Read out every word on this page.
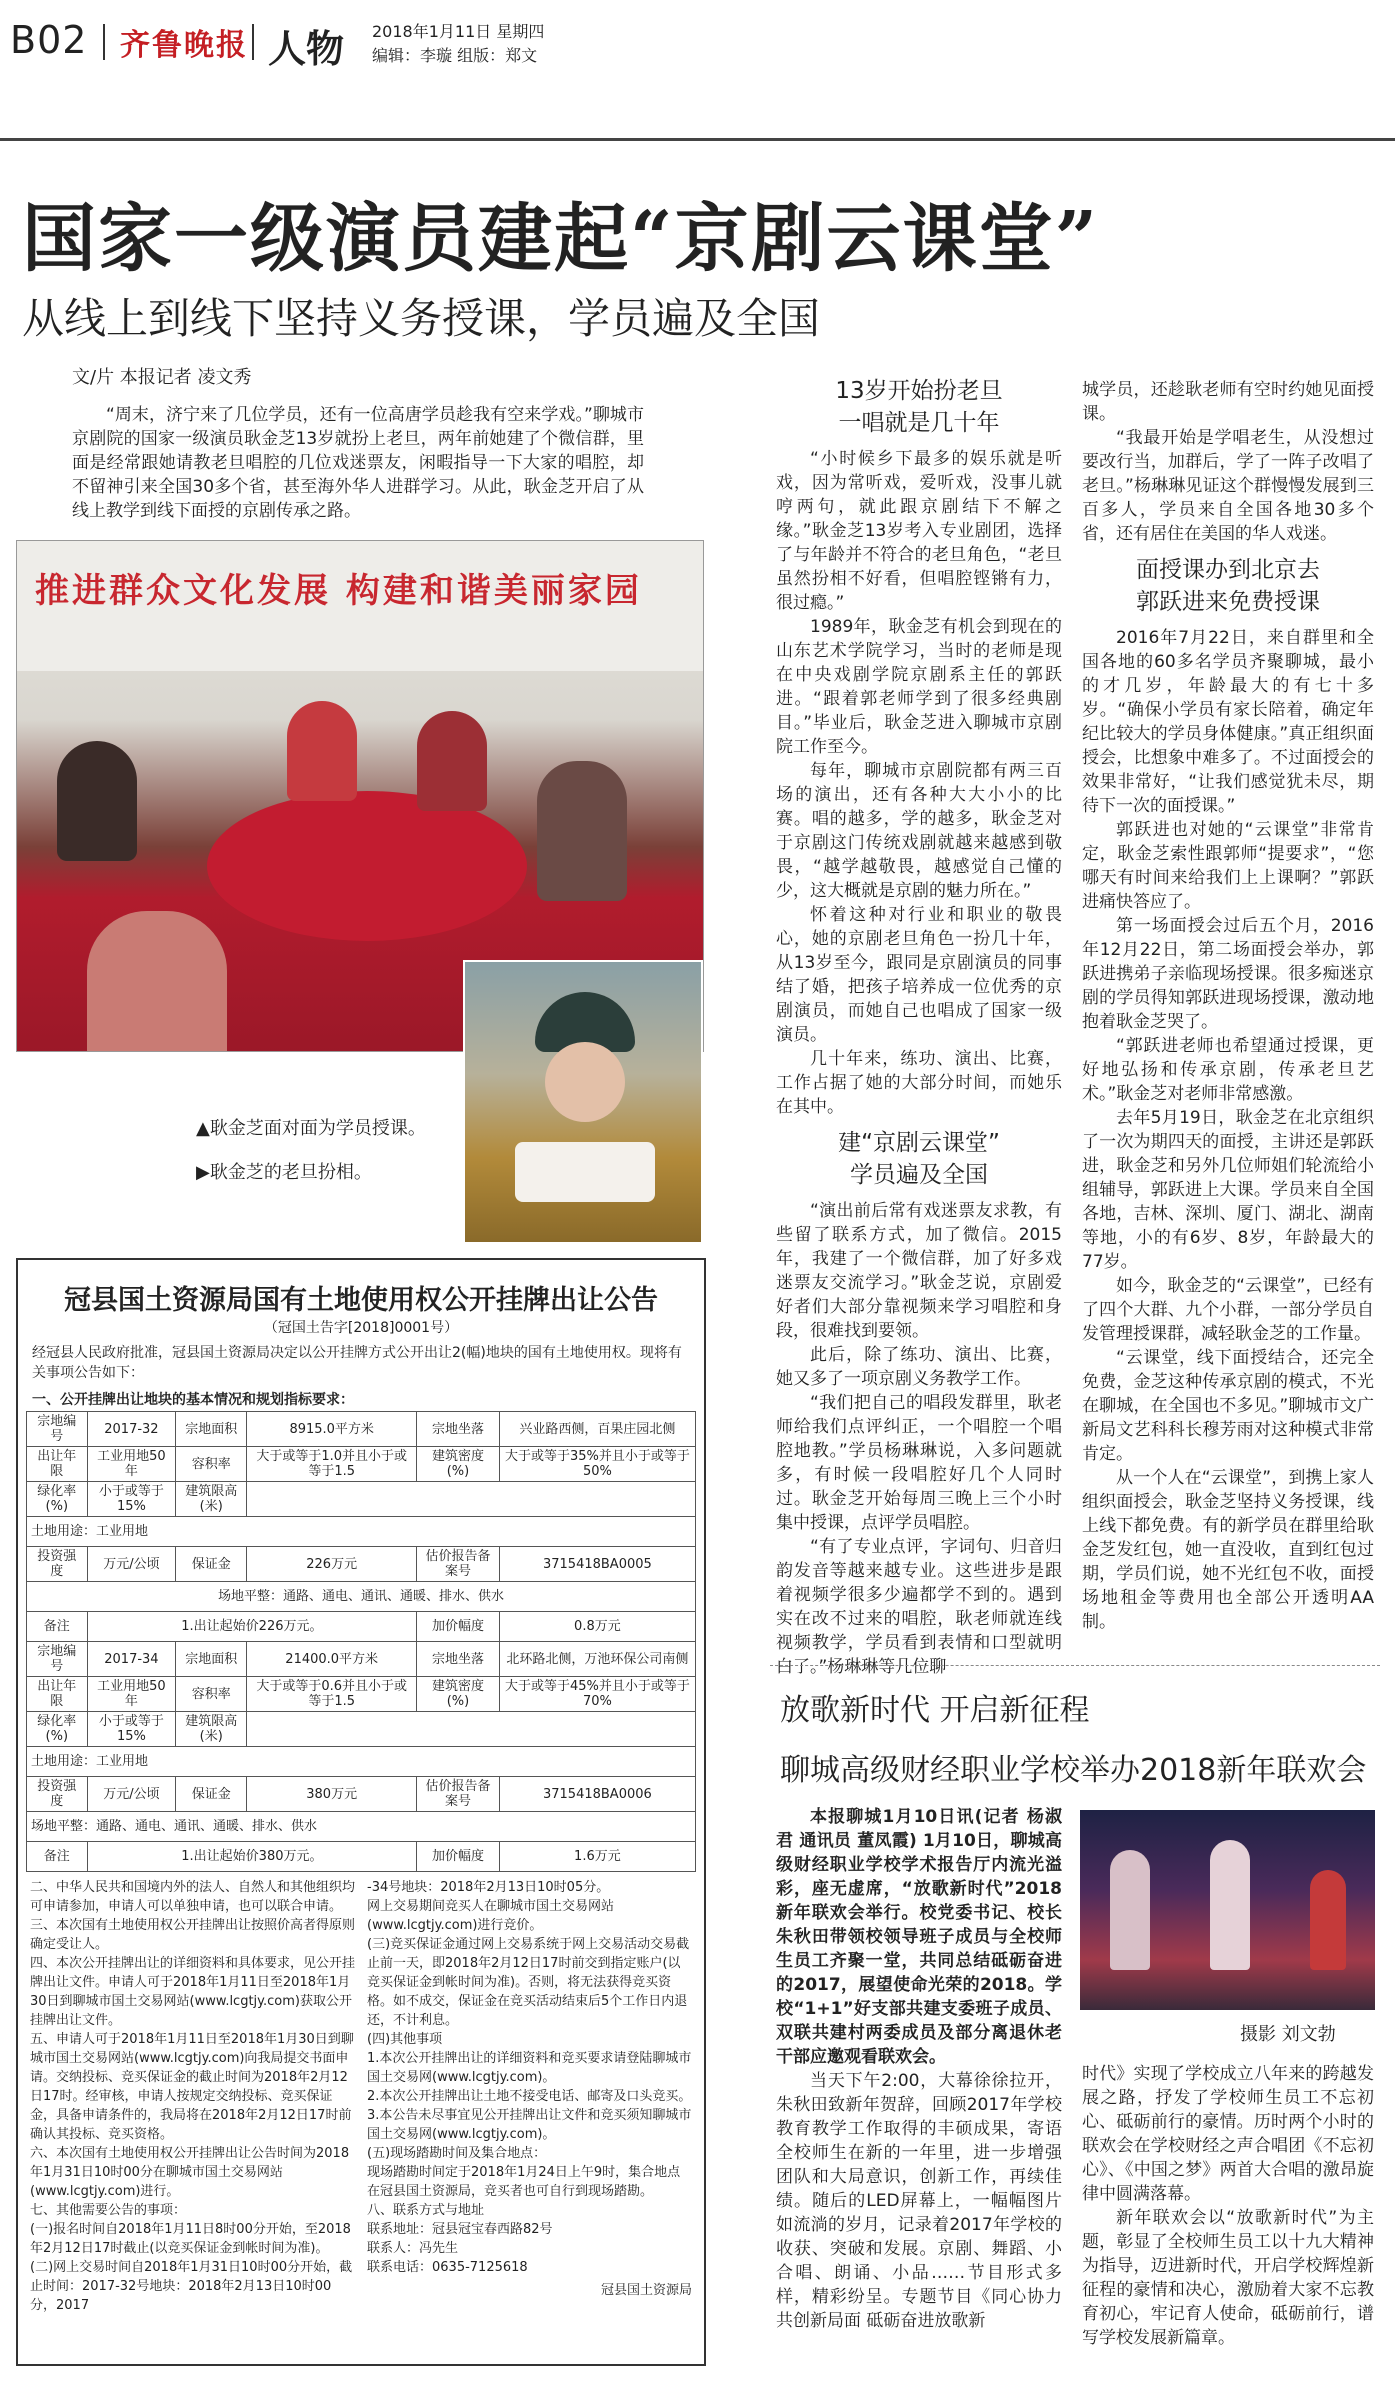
B02 齐鲁晚报 人物 2018年1月11日 星期四
编辑：李璇 组版：郑文
国家一级演员建起“京剧云课堂”
从线上到线下坚持义务授课，学员遍及全国
文/片 本报记者 凌文秀

“周末，济宁来了几位学员，还有一位高唐学员趁我有空来学戏。”聊城市京剧院的国家一级演员耿金芝13岁就扮上老旦，两年前她建了个微信群，里面是经常跟她请教老旦唱腔的几位戏迷票友，闲暇指导一下大家的唱腔，却不留神引来全国30多个省，甚至海外华人进群学习。从此，耿金芝开启了从线上教学到线下面授的京剧传承之路。

推进群众文化发展 构建和谐美丽家园
▲耿金芝面对面为学员授课。
▶耿金芝的老旦扮相。
13岁开始扮老旦
一唱就是几十年

“小时候乡下最多的娱乐就是听戏，因为常听戏，爱听戏，没事儿就哼两句，就此跟京剧结下不解之缘。”耿金芝13岁考入专业剧团，选择了与年龄并不符合的老旦角色，“老旦虽然扮相不好看，但唱腔铿锵有力，很过瘾。”

1989年，耿金芝有机会到现在的山东艺术学院学习，当时的老师是现在中央戏剧学院京剧系主任的郭跃进。“跟着郭老师学到了很多经典剧目。”毕业后，耿金芝进入聊城市京剧院工作至今。

每年，聊城市京剧院都有两三百场的演出，还有各种大大小小的比赛。唱的越多，学的越多，耿金芝对于京剧这门传统戏剧就越来越感到敬畏，“越学越敬畏，越感觉自己懂的少，这大概就是京剧的魅力所在。”

怀着这种对行业和职业的敬畏心，她的京剧老旦角色一扮几十年，从13岁至今，跟同是京剧演员的同事结了婚，把孩子培养成一位优秀的京剧演员，而她自己也唱成了国家一级演员。

几十年来，练功、演出、比赛，工作占据了她的大部分时间，而她乐在其中。

建“京剧云课堂”
学员遍及全国

“演出前后常有戏迷票友求教，有些留了联系方式，加了微信。2015年，我建了一个微信群，加了好多戏迷票友交流学习。”耿金芝说，京剧爱好者们大部分靠视频来学习唱腔和身段，很难找到要领。

此后，除了练功、演出、比赛，她又多了一项京剧义务教学工作。

“我们把自己的唱段发群里，耿老师给我们点评纠正，一个唱腔一个唱腔地教。”学员杨琳琳说，入多问题就多，有时候一段唱腔好几个人同时过。耿金芝开始每周三晚上三个小时集中授课，点评学员唱腔。

“有了专业点评，字词句、归音归韵发音等越来越专业。这些进步是跟着视频学很多少遍都学不到的。遇到实在改不过来的唱腔，耿老师就连线视频教学，学员看到表情和口型就明白了。”杨琳琳等几位聊

城学员，还趁耿老师有空时约她见面授课。

“我最开始是学唱老生，从没想过要改行当，加群后，学了一阵子改唱了老旦。”杨琳琳见证这个群慢慢发展到三百多人，学员来自全国各地30多个省，还有居住在美国的华人戏迷。

面授课办到北京去
郭跃进来免费授课

2016年7月22日，来自群里和全国各地的60多名学员齐聚聊城，最小的才几岁，年龄最大的有七十多岁。“确保小学员有家长陪着，确定年纪比较大的学员身体健康。”真正组织面授会，比想象中难多了。不过面授会的效果非常好，“让我们感觉犹未尽，期待下一次的面授课。”

郭跃进也对她的“云课堂”非常肯定，耿金芝索性跟郭师“提要求”，“您哪天有时间来给我们上上课啊？”郭跃进痛快答应了。

第一场面授会过后五个月，2016年12月22日，第二场面授会举办，郭跃进携弟子亲临现场授课。很多痴迷京剧的学员得知郭跃进现场授课，激动地抱着耿金芝哭了。

“郭跃进老师也希望通过授课，更好地弘扬和传承京剧，传承老旦艺术。”耿金芝对老师非常感激。

去年5月19日，耿金芝在北京组织了一次为期四天的面授，主讲还是郭跃进，耿金芝和另外几位师姐们轮流给小组辅导，郭跃进上大课。学员来自全国各地，吉林、深圳、厦门、湖北、湖南等地，小的有6岁、8岁，年龄最大的77岁。

如今，耿金芝的“云课堂”，已经有了四个大群、九个小群，一部分学员自发管理授课群，减轻耿金芝的工作量。

“云课堂，线下面授结合，还完全免费，金芝这种传承京剧的模式，不光在聊城，在全国也不多见。”聊城市文广新局文艺科科长穆芳雨对这种模式非常肯定。

从一个人在“云课堂”，到携上家人组织面授会，耿金芝坚持义务授课，线上线下都免费。有的新学员在群里给耿金芝发红包，她一直没收，直到红包过期，学员们说，她不光红包不收，面授场地租金等费用也全部公开透明AA制。

冠县国土资源局国有土地使用权公开挂牌出让公告
（冠国土告字[2018]0001号）
经冠县人民政府批准，冠县国土资源局决定以公开挂牌方式公开出让2(幅)地块的国有土地使用权。现将有关事项公告如下：
一、公开挂牌出让地块的基本情况和规划指标要求：
宗地编号	2017-32	宗地面积	8915.0平方米	宗地坐落	兴业路西侧，百果庄园北侧
出让年限	工业用地50年	容积率	大于或等于1.0并且小于或等于1.5	建筑密度(%)	大于或等于35%并且小于或等于50%
绿化率(%)	小于或等于15%	建筑限高(米)			
土地用途：工业用地					
投资强度	万元/公顷	保证金	226万元	估价报告备案号	3715418BA0005
场地平整：通路、通电、通讯、通暖、排水、供水					
备注	1.出让起始价226万元。			加价幅度	0.8万元
宗地编号	2017-34	宗地面积	21400.0平方米	宗地坐落	北环路北侧，万池环保公司南侧
出让年限	工业用地50年	容积率	大于或等于0.6并且小于或等于1.5	建筑密度(%)	大于或等于45%并且小于或等于70%
绿化率(%)	小于或等于15%	建筑限高(米)			
土地用途：工业用地					
投资强度	万元/公顷	保证金	380万元	估价报告备案号	3715418BA0006
场地平整：通路、通电、通讯、通暖、排水、供水					
备注	1.出让起始价380万元。			加价幅度	1.6万元

二、中华人民共和国境内外的法人、自然人和其他组织均可申请参加，申请人可以单独申请，也可以联合申请。

三、本次国有土地使用权公开挂牌出让按照价高者得原则确定受让人。

四、本次公开挂牌出让的详细资料和具体要求，见公开挂牌出让文件。申请人可于2018年1月11日至2018年1月30日到聊城市国土交易网站(www.lcgtjy.com)获取公开挂牌出让文件。

五、申请人可于2018年1月11日至2018年1月30日到聊城市国土交易网站(www.lcgtjy.com)向我局提交书面申请。交纳投标、竞买保证金的截止时间为2018年2月12日17时。经审核，申请人按规定交纳投标、竞买保证金，具备申请条件的，我局将在2018年2月12日17时前确认其投标、竞买资格。

六、本次国有土地使用权公开挂牌出让公告时间为2018年1月31日10时00分在聊城市国土交易网站(www.lcgtjy.com)进行。

七、其他需要公告的事项：

(一)报名时间自2018年1月11日8时00分开始，至2018年2月12日17时截止(以竞买保证金到帐时间为准)。

(二)网上交易时间自2018年1月31日10时00分开始，截止时间：2017-32号地块：2018年2月13日10时00分，2017

-34号地块：2018年2月13日10时05分。

网上交易期间竞买人在聊城市国土交易网站(www.lcgtjy.com)进行竞价。

(三)竞买保证金通过网上交易系统于网上交易活动交易截止前一天，即2018年2月12日17时前交到指定账户(以竞买保证金到帐时间为准)。否则，将无法获得竞买资格。如不成交，保证金在竞买活动结束后5个工作日内退还，不计利息。

(四)其他事项

1.本次公开挂牌出让的详细资料和竞买要求请登陆聊城市国土交易网(www.lcgtjy.com)。

2.本次公开挂牌出让土地不接受电话、邮寄及口头竞买。

3.本公告未尽事宜见公开挂牌出让文件和竞买须知聊城市国土交易网(www.lcgtjy.com)。

(五)现场踏勘时间及集合地点：

现场踏勘时间定于2018年1月24日上午9时，集合地点在冠县国土资源局，竞买者也可自行到现场踏勘。

八、联系方式与地址

联系地址：冠县冠宝春西路82号

联系人：冯先生

联系电话：0635-7125618

冠县国土资源局

放歌新时代 开启新征程
聊城高级财经职业学校举办2018新年联欢会

本报聊城1月10日讯(记者 杨淑君 通讯员 董凤霞) 1月10日，聊城高级财经职业学校学术报告厅内流光溢彩，座无虚席，“放歌新时代”2018新年联欢会举行。校党委书记、校长朱秋田带领校领导班子成员与全校师生员工齐聚一堂，共同总结砥砺奋进的2017，展望使命光荣的2018。学校“1+1”好支部共建支委班子成员、双联共建村两委成员及部分离退休老干部应邀观看联欢会。

当天下午2:00，大幕徐徐拉开，朱秋田致新年贺辞，回顾2017年学校教育教学工作取得的丰硕成果，寄语全校师生在新的一年里，进一步增强团队和大局意识，创新工作，再续佳绩。随后的LED屏幕上，一幅幅图片如流淌的岁月，记录着2017年学校的收获、突破和发展。京剧、舞蹈、小合唱、朗诵、小品……节目形式多样，精彩纷呈。专题节目《同心协力共创新局面 砥砺奋进放歌新

摄影 刘文勃
时代》实现了学校成立八年来的跨越发展之路，抒发了学校师生员工不忘初心、砥砺前行的豪情。历时两个小时的联欢会在学校财经之声合唱团《不忘初心》、《中国之梦》两首大合唱的激昂旋律中圆满落幕。

新年联欢会以“放歌新时代”为主题，彰显了全校师生员工以十九大精神为指导，迈进新时代，开启学校辉煌新征程的豪情和决心，激励着大家不忘教育初心，牢记育人使命，砥砺前行，谱写学校发展新篇章。
